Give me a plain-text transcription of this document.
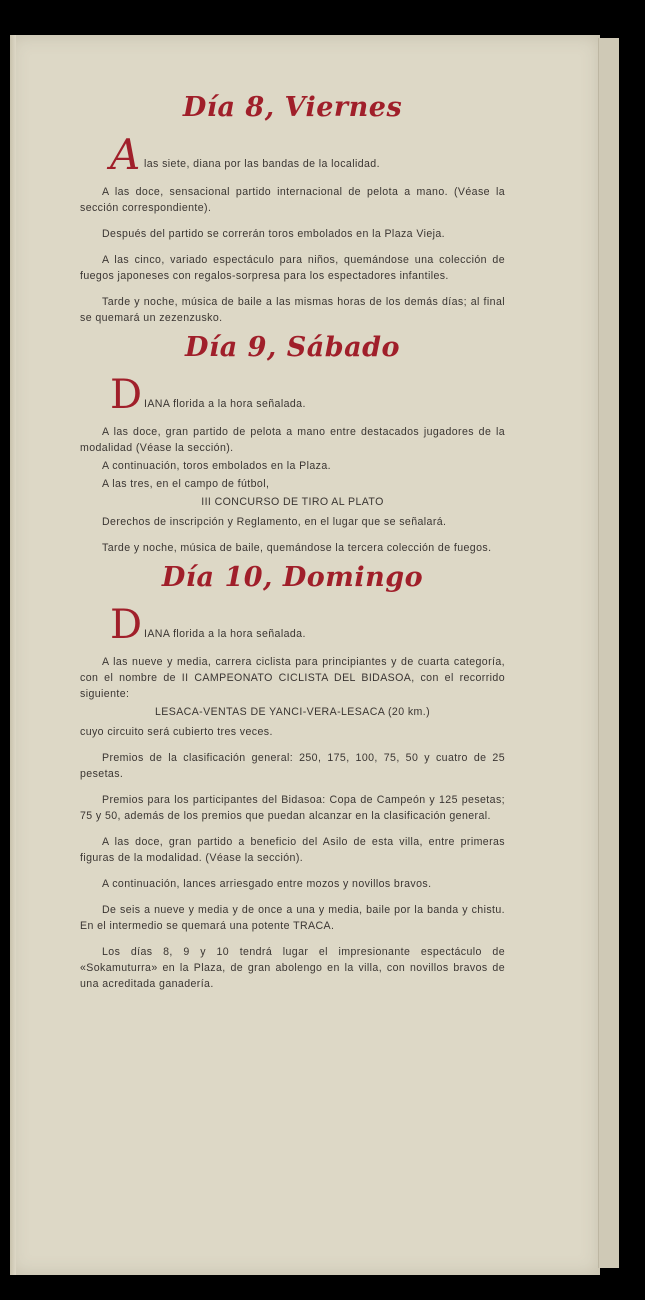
Día 8, Viernes
A las siete, diana por las bandas de la localidad.

A las doce, sensacional partido internacional de pelota a mano. (Véase la sección correspondiente).

Después del partido se correrán toros embolados en la Plaza Vieja.

A las cinco, variado espectáculo para niños, quemándose una colección de fuegos japoneses con regalos-sorpresa para los espectadores infantiles.

Tarde y noche, música de baile a las mismas horas de los demás días; al final se quemará un zezenzusko.

Día 9, Sábado
D IANA florida a la hora señalada.

A las doce, gran partido de pelota a mano entre destacados jugadores de la modalidad (Véase la sección).

A continuación, toros embolados en la Plaza.

A las tres, en el campo de fútbol,

III CONCURSO DE TIRO AL PLATO

Derechos de inscripción y Reglamento, en el lugar que se señalará.

Tarde y noche, música de baile, quemándose la tercera colección de fuegos.

Día 10, Domingo
D IANA florida a la hora señalada.

A las nueve y media, carrera ciclista para principiantes y de cuarta categoría, con el nombre de II CAMPEONATO CICLISTA DEL BIDASOA, con el recorrido siguiente:

LESACA-VENTAS DE YANCI-VERA-LESACA (20 km.)

cuyo circuito será cubierto tres veces.

Premios de la clasificación general: 250, 175, 100, 75, 50 y cuatro de 25 pesetas.

Premios para los participantes del Bidasoa: Copa de Campeón y 125 pesetas; 75 y 50, además de los premios que puedan alcanzar en la clasificación general.

A las doce, gran partido a beneficio del Asilo de esta villa, entre primeras figuras de la modalidad. (Véase la sección).

A continuación, lances arriesgado entre mozos y novillos bravos.

De seis a nueve y media y de once a una y media, baile por la banda y chistu. En el intermedio se quemará una potente TRACA.

Los días 8, 9 y 10 tendrá lugar el impresionante espectáculo de «Sokamuturra» en la Plaza, de gran abolengo en la villa, con novillos bravos de una acreditada ganadería.
